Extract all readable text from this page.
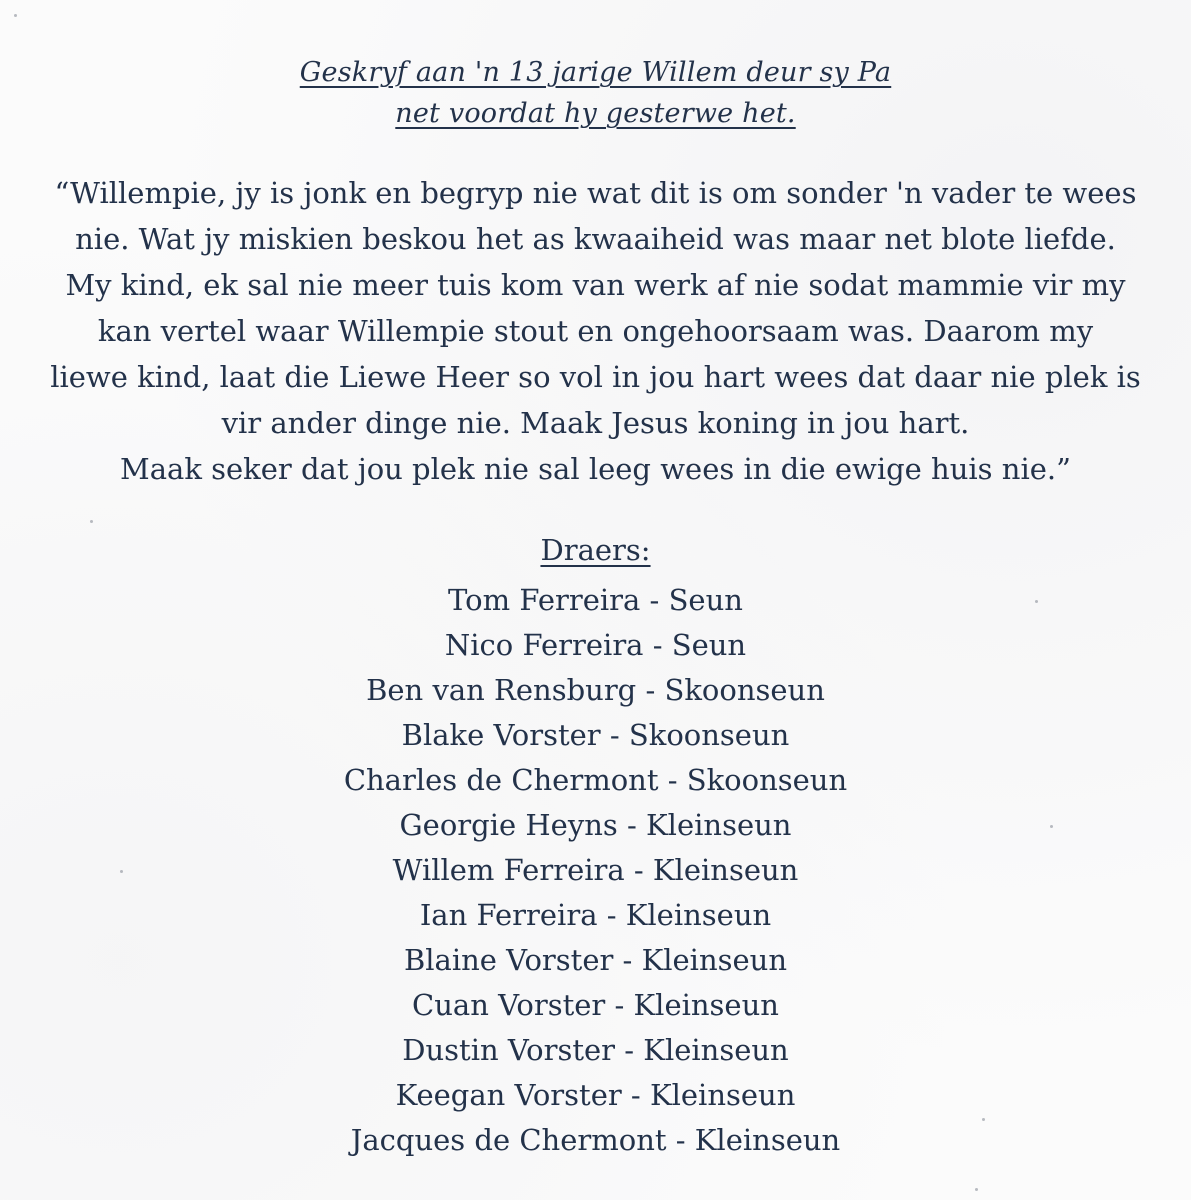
Geskryf aan 'n 13 jarige Willem deur sy Pa
net voordat hy gesterwe het.
“Willempie, jy is jonk en begryp nie wat dit is om sonder 'n vader te wees
nie. Wat jy miskien beskou het as kwaaiheid was maar net blote liefde.
My kind, ek sal nie meer tuis kom van werk af nie sodat mammie vir my
kan vertel waar Willempie stout en ongehoorsaam was. Daarom my
liewe kind, laat die Liewe Heer so vol in jou hart wees dat daar nie plek is
vir ander dinge nie. Maak Jesus koning in jou hart.
Maak seker dat jou plek nie sal leeg wees in die ewige huis nie.”
Draers:
Tom Ferreira - Seun
Nico Ferreira - Seun
Ben van Rensburg - Skoonseun
Blake Vorster - Skoonseun
Charles de Chermont - Skoonseun
Georgie Heyns - Kleinseun
Willem Ferreira - Kleinseun
Ian Ferreira - Kleinseun
Blaine Vorster - Kleinseun
Cuan Vorster - Kleinseun
Dustin Vorster - Kleinseun
Keegan Vorster - Kleinseun
Jacques de Chermont - Kleinseun
